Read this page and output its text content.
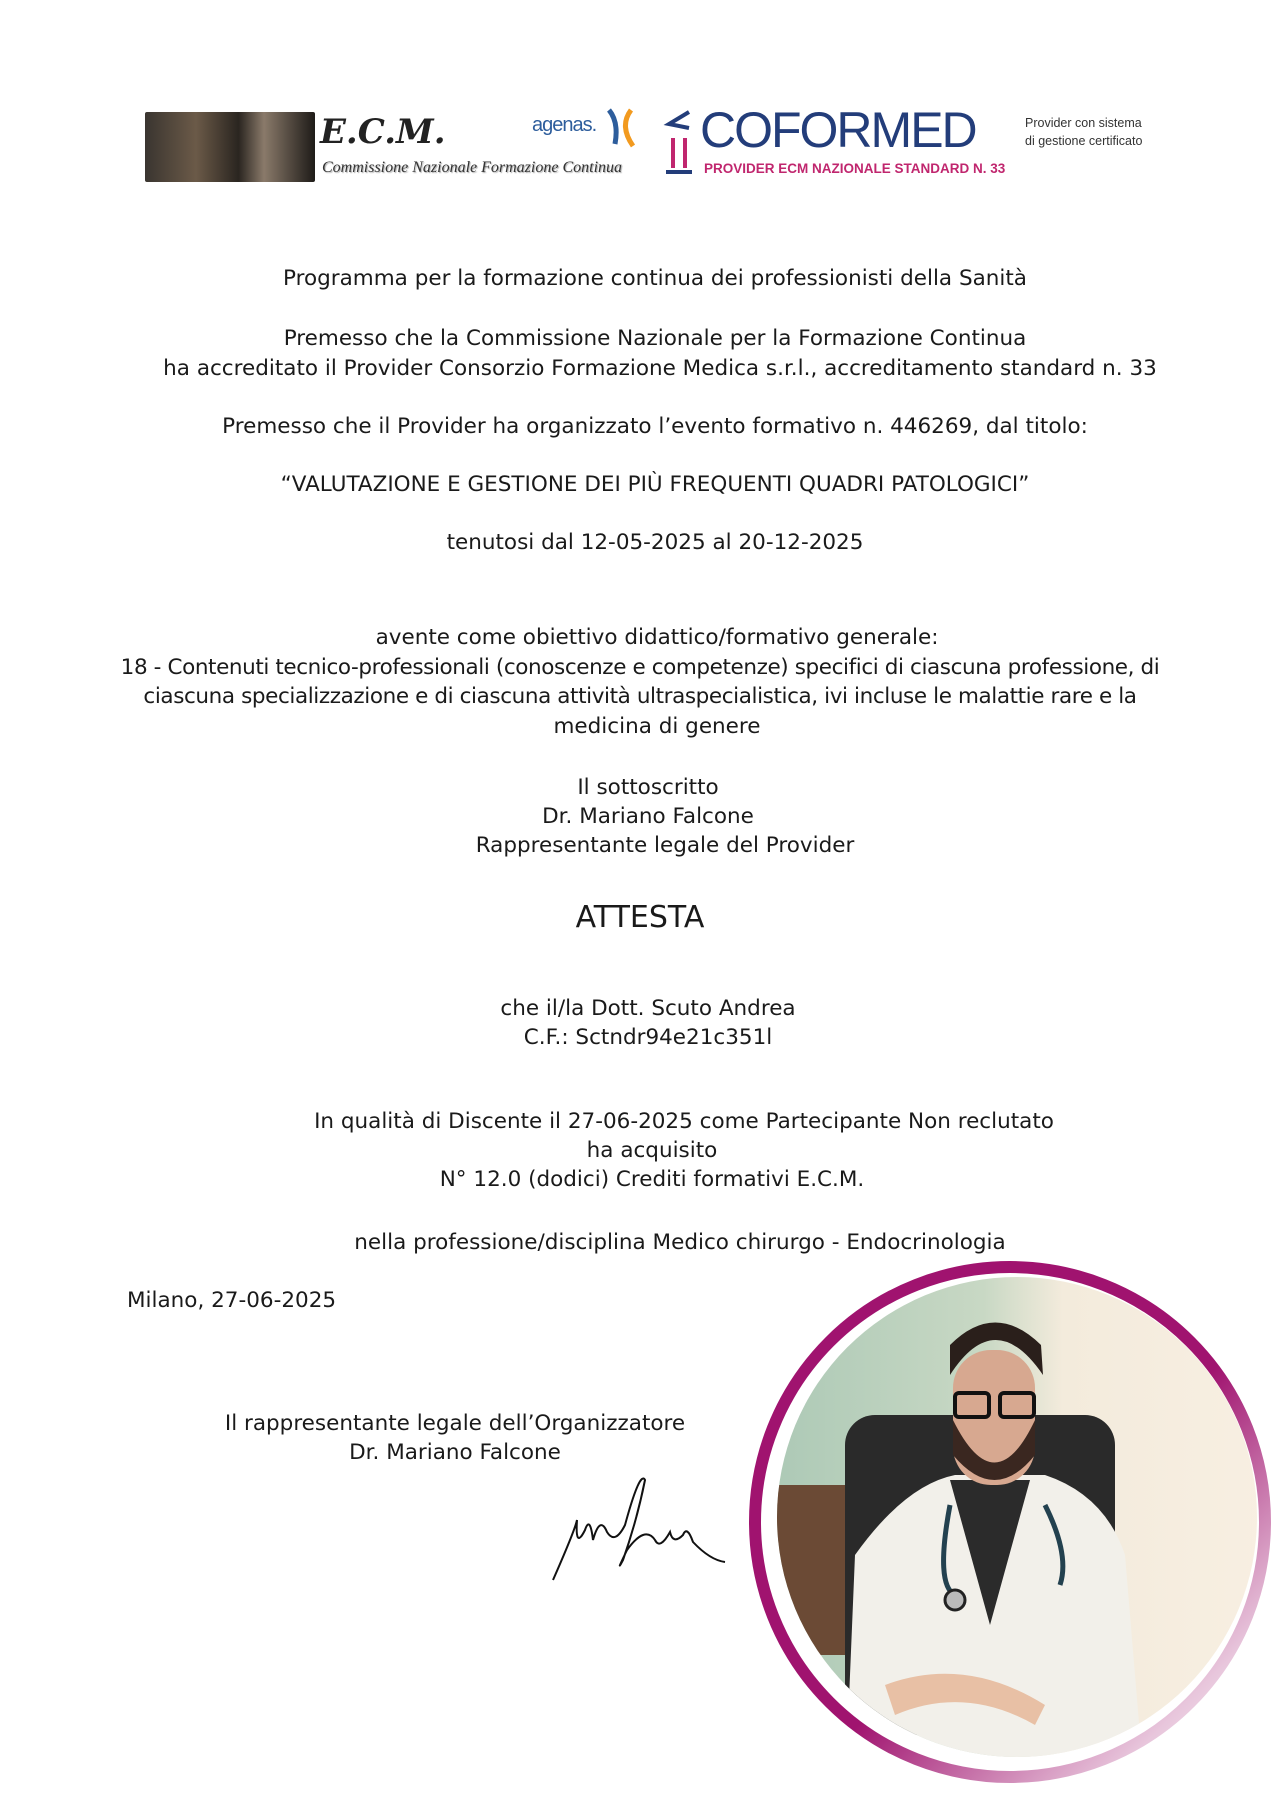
E.C.M.
Commissione Nazionale Formazione Continua
agenas. COFORMED
PROVIDER ECM NAZIONALE STANDARD N. 33
Provider con sistema
di gestione certificato
Programma per la formazione continua dei professionisti della Sanità
Premesso che la Commissione Nazionale per la Formazione Continua
ha accreditato il Provider Consorzio Formazione Medica s.r.l., accreditamento standard n. 33
Premesso che il Provider ha organizzato l’evento formativo n. 446269, dal titolo:
“VALUTAZIONE E GESTIONE DEI PIÙ FREQUENTI QUADRI PATOLOGICI”
tenutosi dal 12-05-2025 al 20-12-2025
avente come obiettivo didattico/formativo generale:
18 - Contenuti tecnico-professionali (conoscenze e competenze) specifici di ciascuna professione, di
ciascuna specializzazione e di ciascuna attività ultraspecialistica, ivi incluse le malattie rare e la
medicina di genere
Il sottoscritto
Dr. Mariano Falcone
Rappresentante legale del Provider
ATTESTA
che il/la Dott. Scuto Andrea
C.F.: Sctndr94e21c351l
In qualità di Discente il 27-06-2025 come Partecipante Non reclutato
ha acquisito
N° 12.0 (dodici) Crediti formativi E.C.M.
nella professione/disciplina Medico chirurgo - Endocrinologia
Milano, 27-06-2025
Il rappresentante legale dell’Organizzatore
Dr. Mariano Falcone
